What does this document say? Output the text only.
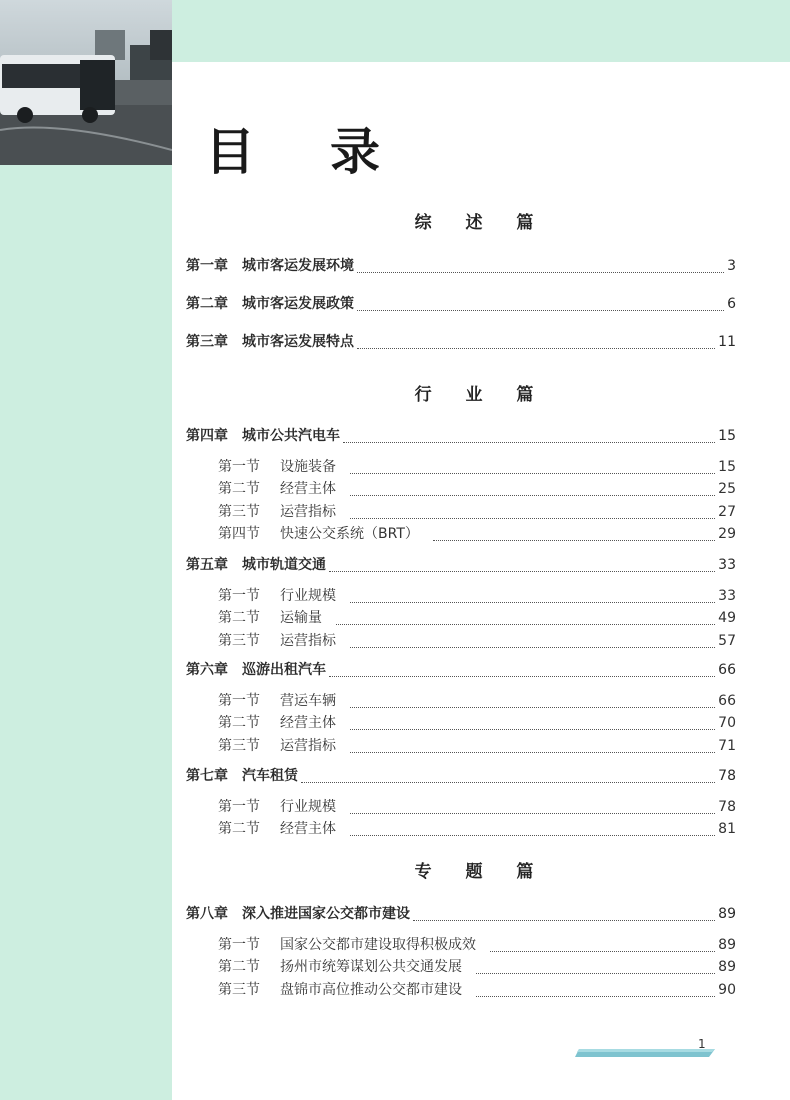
目 录
综 述 篇
第一章 城市客运发展环境	3
第二章 城市客运发展政策	6
第三章 城市客运发展特点	11
行 业 篇
第四章 城市公共汽电车	15
第一节	设施装备	15
第二节	经营主体	25
第三节	运营指标	27
第四节	快速公交系统（BRT）	29
第五章 城市轨道交通	33
第一节	行业规模	33
第二节	运输量	49
第三节	运营指标	57
第六章 巡游出租汽车	66
第一节	营运车辆	66
第二节	经营主体	70
第三节	运营指标	71
第七章 汽车租赁	78
第一节	行业规模	78
第二节	经营主体	81
专 题 篇
第八章 深入推进国家公交都市建设	89
第一节	国家公交都市建设取得积极成效	89
第二节	扬州市统筹谋划公共交通发展	89
第三节	盘锦市高位推动公交都市建设	90
1
